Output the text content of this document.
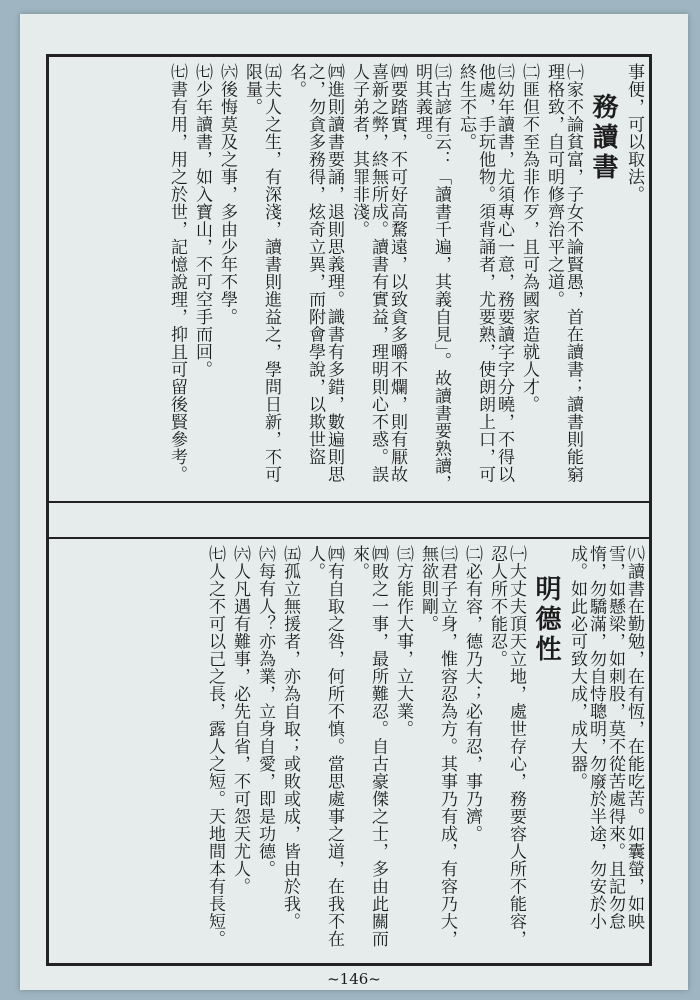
事便，可以取法。
務讀書
㈠家不論貧富，子女不論賢愚，首在讀書；讀書則能窮理格致，自可明修齊治平之道。
㈡匪但不至為非作歹，且可為國家造就人才。
㈢幼年讀書，尤須專心一意，務要讀字字分曉，不得以他處，手玩他物。須背誦者，尤要熟，使朗朗上口，可終生不忘。
㈢古諺有云：「讀書千遍，其義自見」。故讀書要熟讀，明其義理。
㈣要踏實，不可好高騖遠，以致貪多嚼不爛，則有厭故喜新之弊，終無所成。讀書有實益，理明則心不惑。誤人子弟者，其罪非淺。
㈣進則讀書要誦，退則思義理。識書有多錯，數遍則思之，勿貪多務得，炫奇立異，而附會學說，以欺世盜名。
㈤夫人之生，有深淺，讀書則進益之，學問日新，不可限量。
㈥後悔莫及之事，多由少年不學。
㈦少年讀書，如入寶山，不可空手而回。
㈦書有用，用之於世，記憶說理，抑且可留後賢參考。
㈧讀書在勤勉，在有恆，在能吃苦。如囊螢，如映雪，如懸梁，如刺股，莫不從苦處得來。且記勿怠惰，勿驕滿，勿自恃聰明，勿廢於半途，勿安於小成。如此必可致大成，成大器。
明德性
㈠大丈夫頂天立地，處世存心，務要容人所不能容，忍人所不能忍。
㈡必有容，德乃大；必有忍，事乃濟。
㈢君子立身，惟容忍為方。其事乃有成，有容乃大，無欲則剛。
㈢方能作大事，立大業。
㈣敗之一事，最所難忍。自古豪傑之士，多由此關而來。
㈣有自取之咎，何所不慎。當思處事之道，在我不在人。
㈤孤立無援者，亦為自取；或敗或成，皆由於我。
㈥每有人？亦為業，立身自愛，即是功德。
㈥人凡遇有難事，必先自省，不可怨天尤人。
㈦人之不可以己之長，露人之短。天地間本有長短。
~146~
